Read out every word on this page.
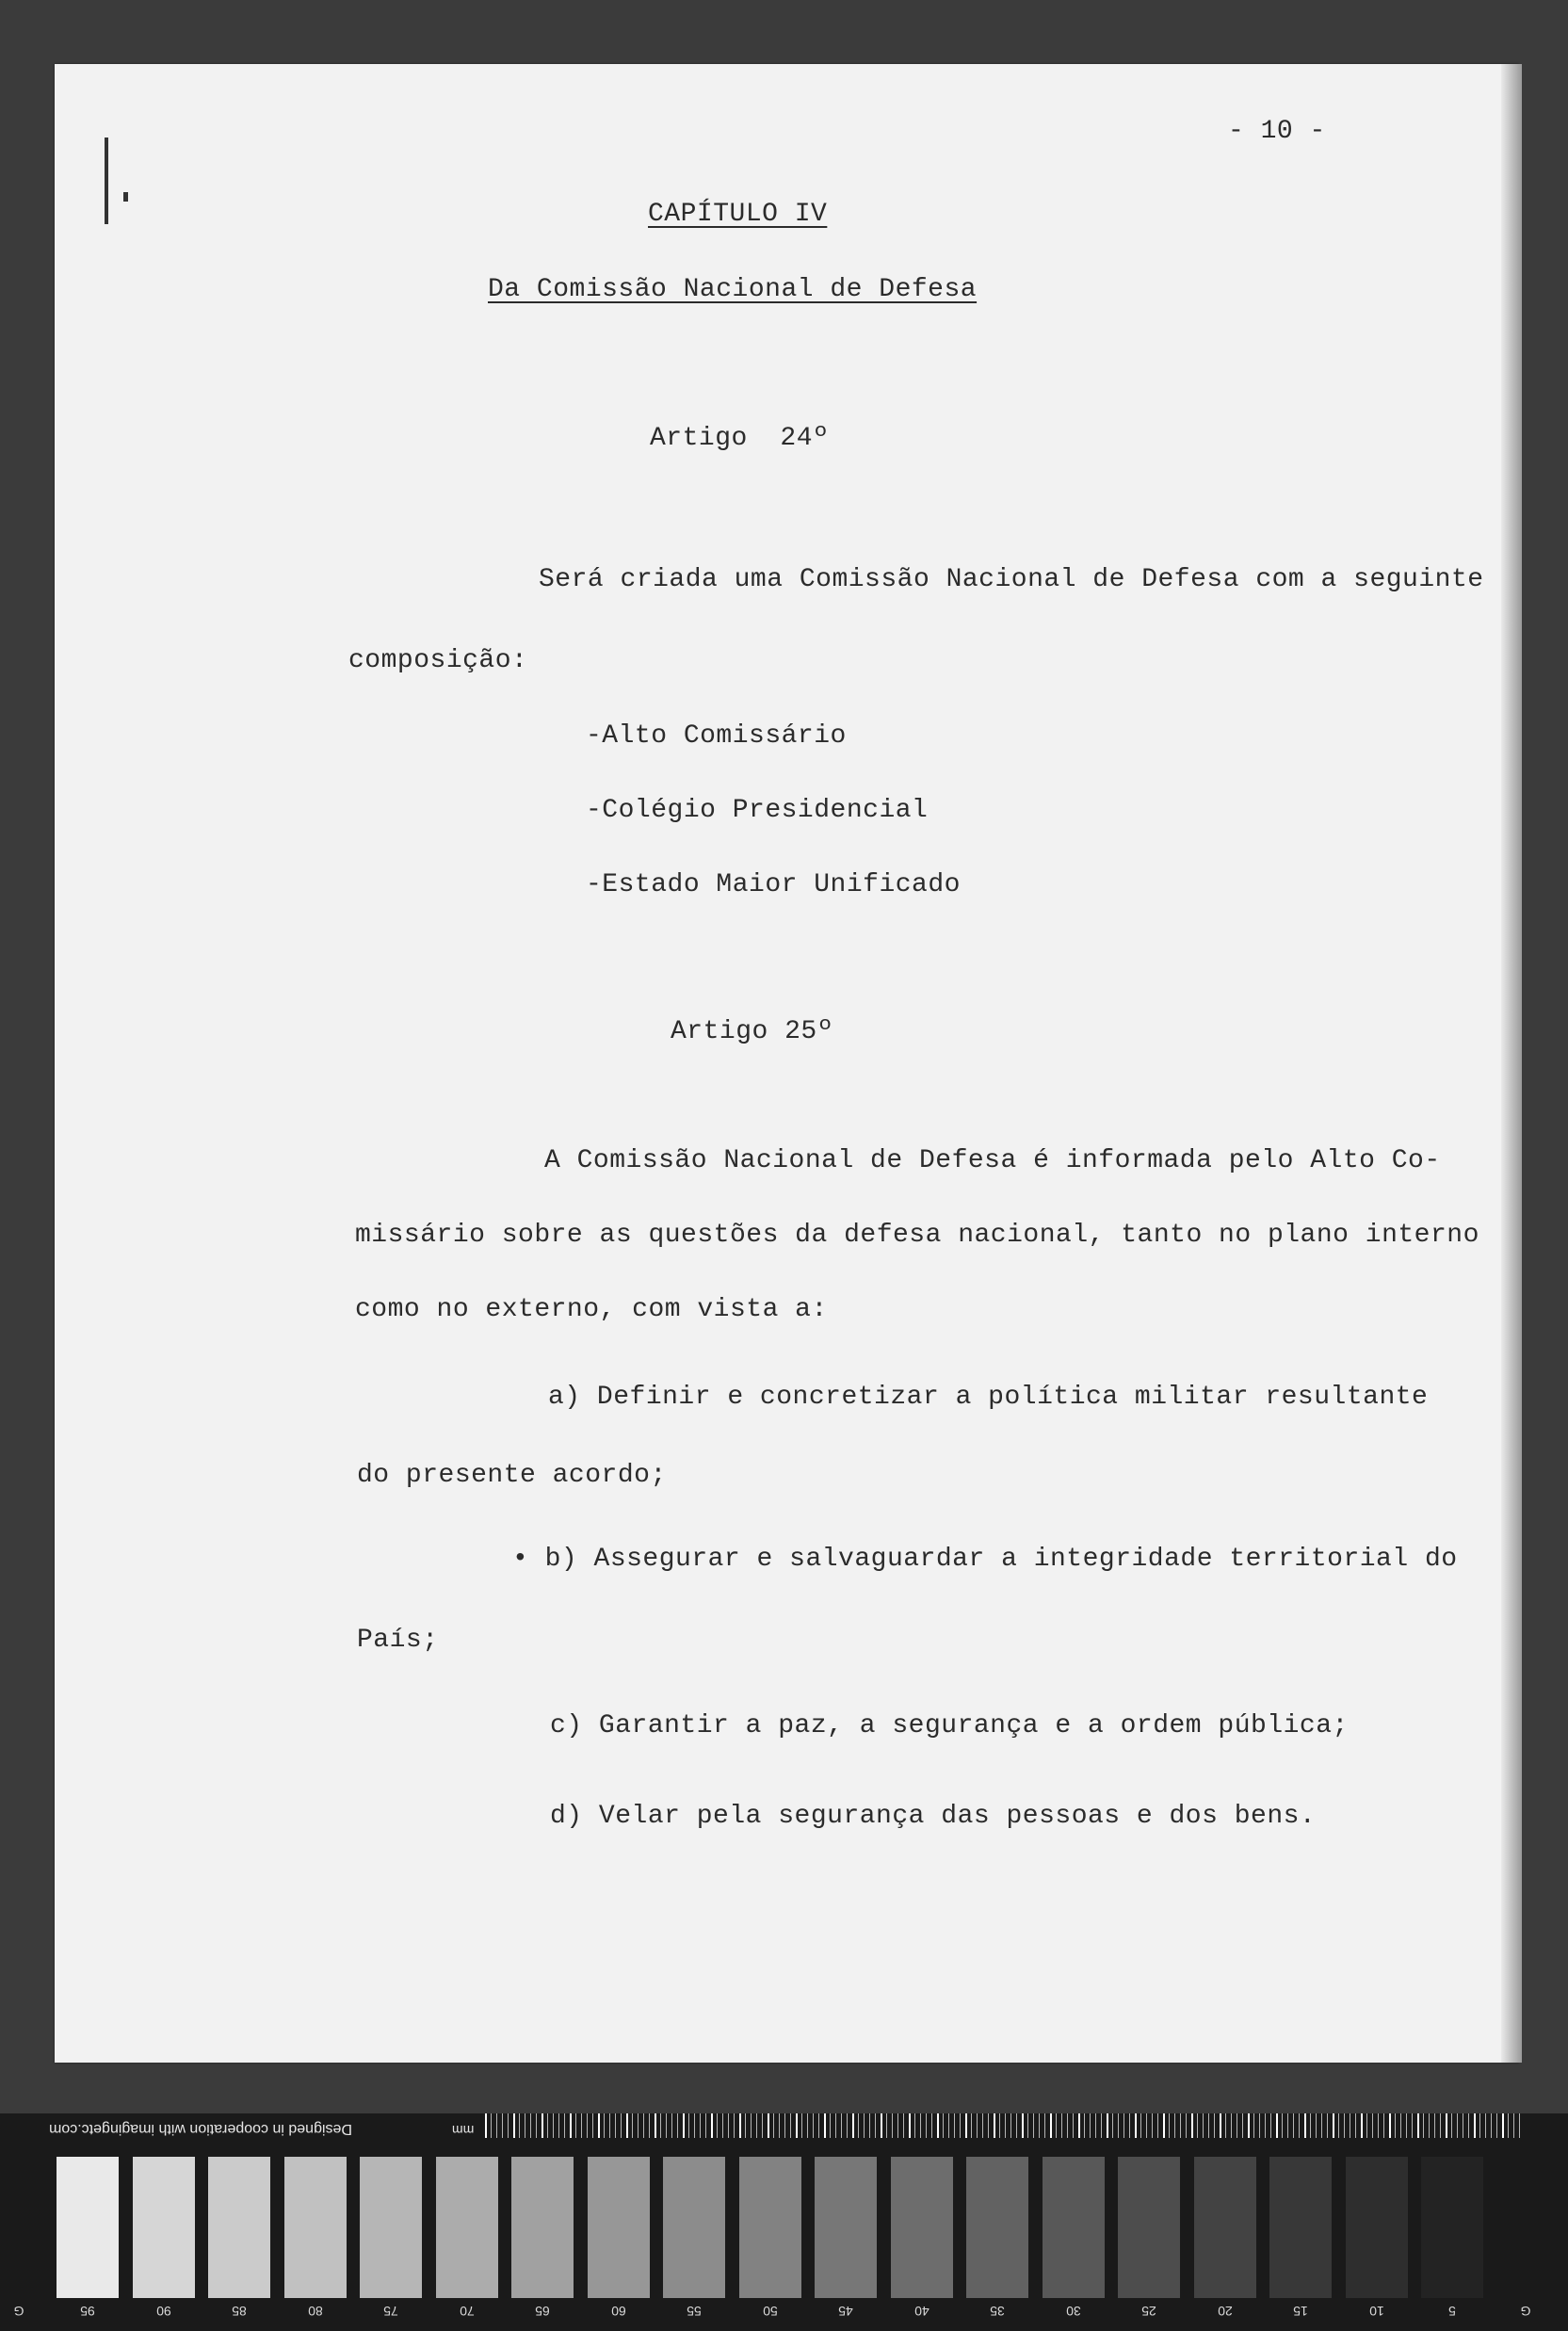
- 10 -
CAPÍTULO IV
Da Comissão Nacional de Defesa
Artigo  24º
Será criada uma Comissão Nacional de Defesa com a seguinte
composição:
-Alto Comissário
-Colégio Presidencial
-Estado Maior Unificado
Artigo 25º
A Comissão Nacional de Defesa é informada pelo Alto Co-
missário sobre as questões da defesa nacional, tanto no plano interno
como no externo, com vista a:
a) Definir e concretizar a política militar resultante
do presente acordo;
• b) Assegurar e salvaguardar a integridade territorial do
País;
c) Garantir a paz, a segurança e a ordem pública;
d) Velar pela segurança das pessoas e dos bens.
Designed in cooperation with imagingetc.com	mm
95	90	85	80	75	70	65	60	55	50	45	40	35	30	25	20	15	10	5
G	G
